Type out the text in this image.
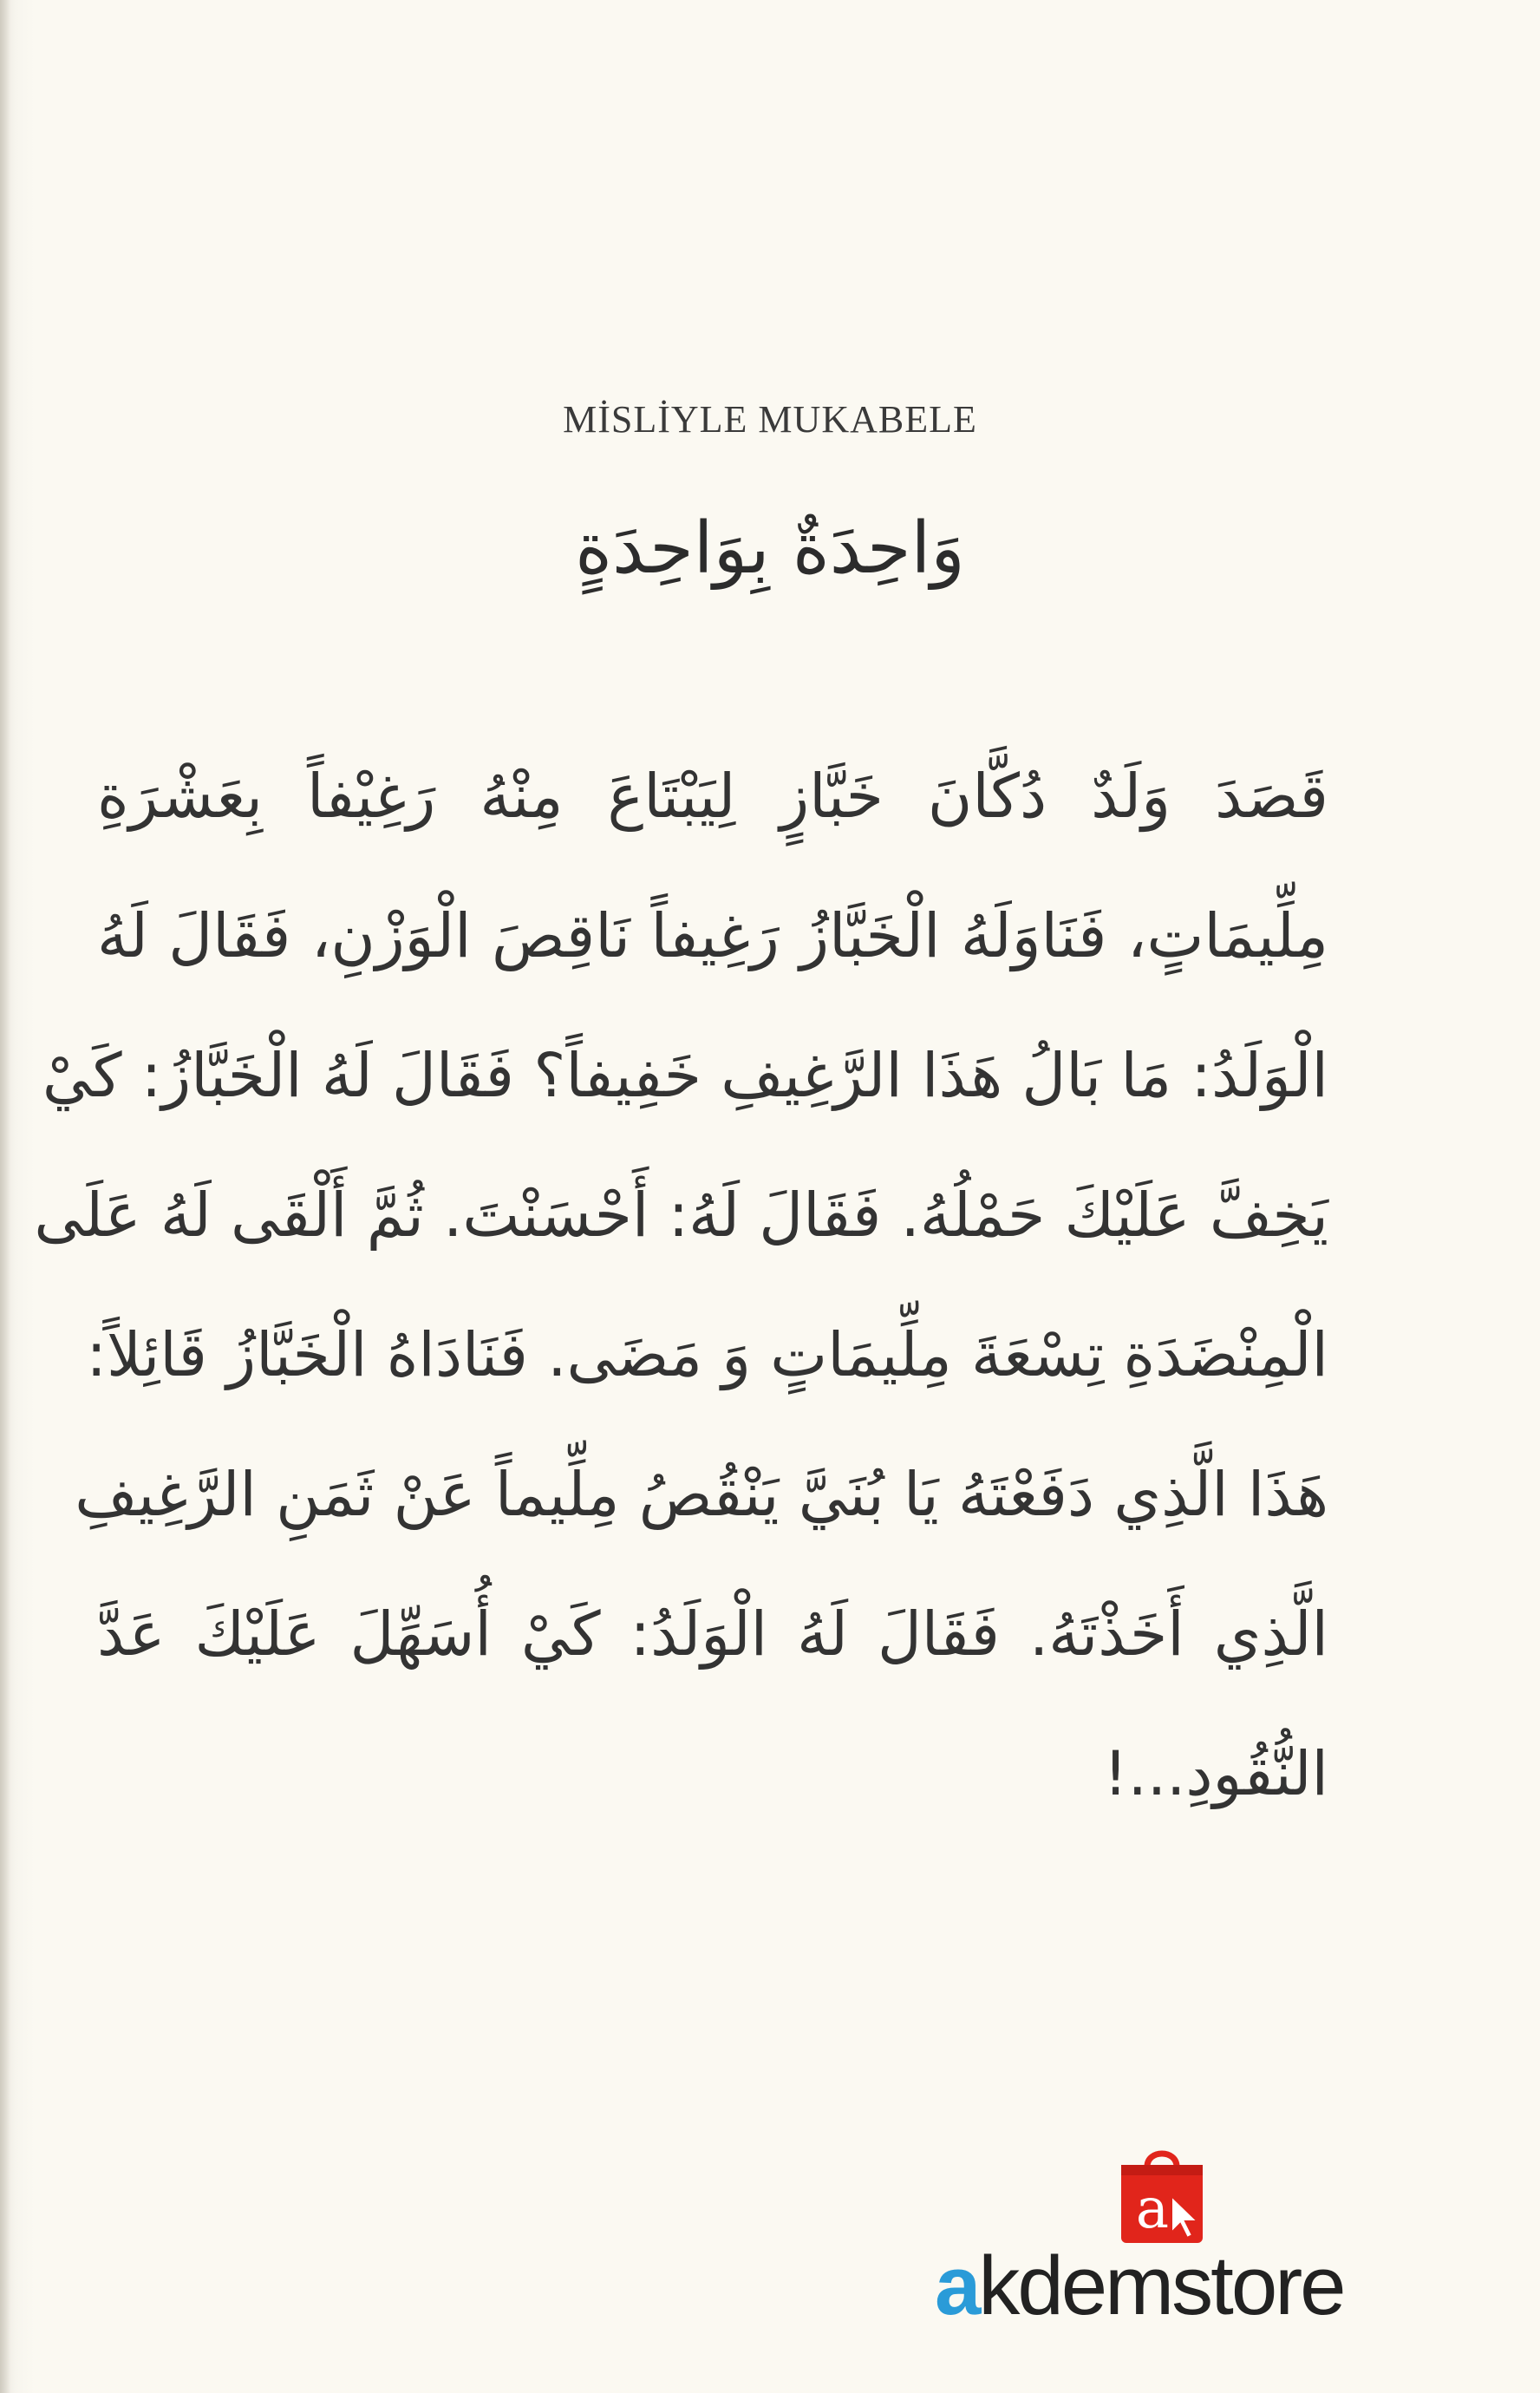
MİSLİYLE MUKABELE
وَاحِدَةٌ بِوَاحِدَةٍ
قَصَدَ وَلَدٌ دُكَّانَ خَبَّازٍ لِيَبْتَاعَ مِنْهُ رَغِيْفاً بِعَشْرَةِ
مِلِّيمَاتٍ، فَنَاوَلَهُ الْخَبَّازُ رَغِيفاً نَاقِصَ الْوَزْنِ، فَقَالَ لَهُ
الْوَلَدُ: مَا بَالُ هَذَا الرَّغِيفِ خَفِيفاً؟ فَقَالَ لَهُ الْخَبَّازُ: كَيْ
يَخِفَّ عَلَيْكَ حَمْلُهُ. فَقَالَ لَهُ: أَحْسَنْتَ. ثُمَّ أَلْقَى لَهُ عَلَى
الْمِنْضَدَةِ تِسْعَةَ مِلِّيمَاتٍ وَ مَضَى. فَنَادَاهُ الْخَبَّازُ قَائِلاً:
هَذَا الَّذِي دَفَعْتَهُ يَا بُنَيَّ يَنْقُصُ مِلِّيماً عَنْ ثَمَنِ الرَّغِيفِ
الَّذِي أَخَذْتَهُ. فَقَالَ لَهُ الْوَلَدُ: كَيْ أُسَهِّلَ عَلَيْكَ عَدَّ
النُّقُودِ...!
a
akdemstore
